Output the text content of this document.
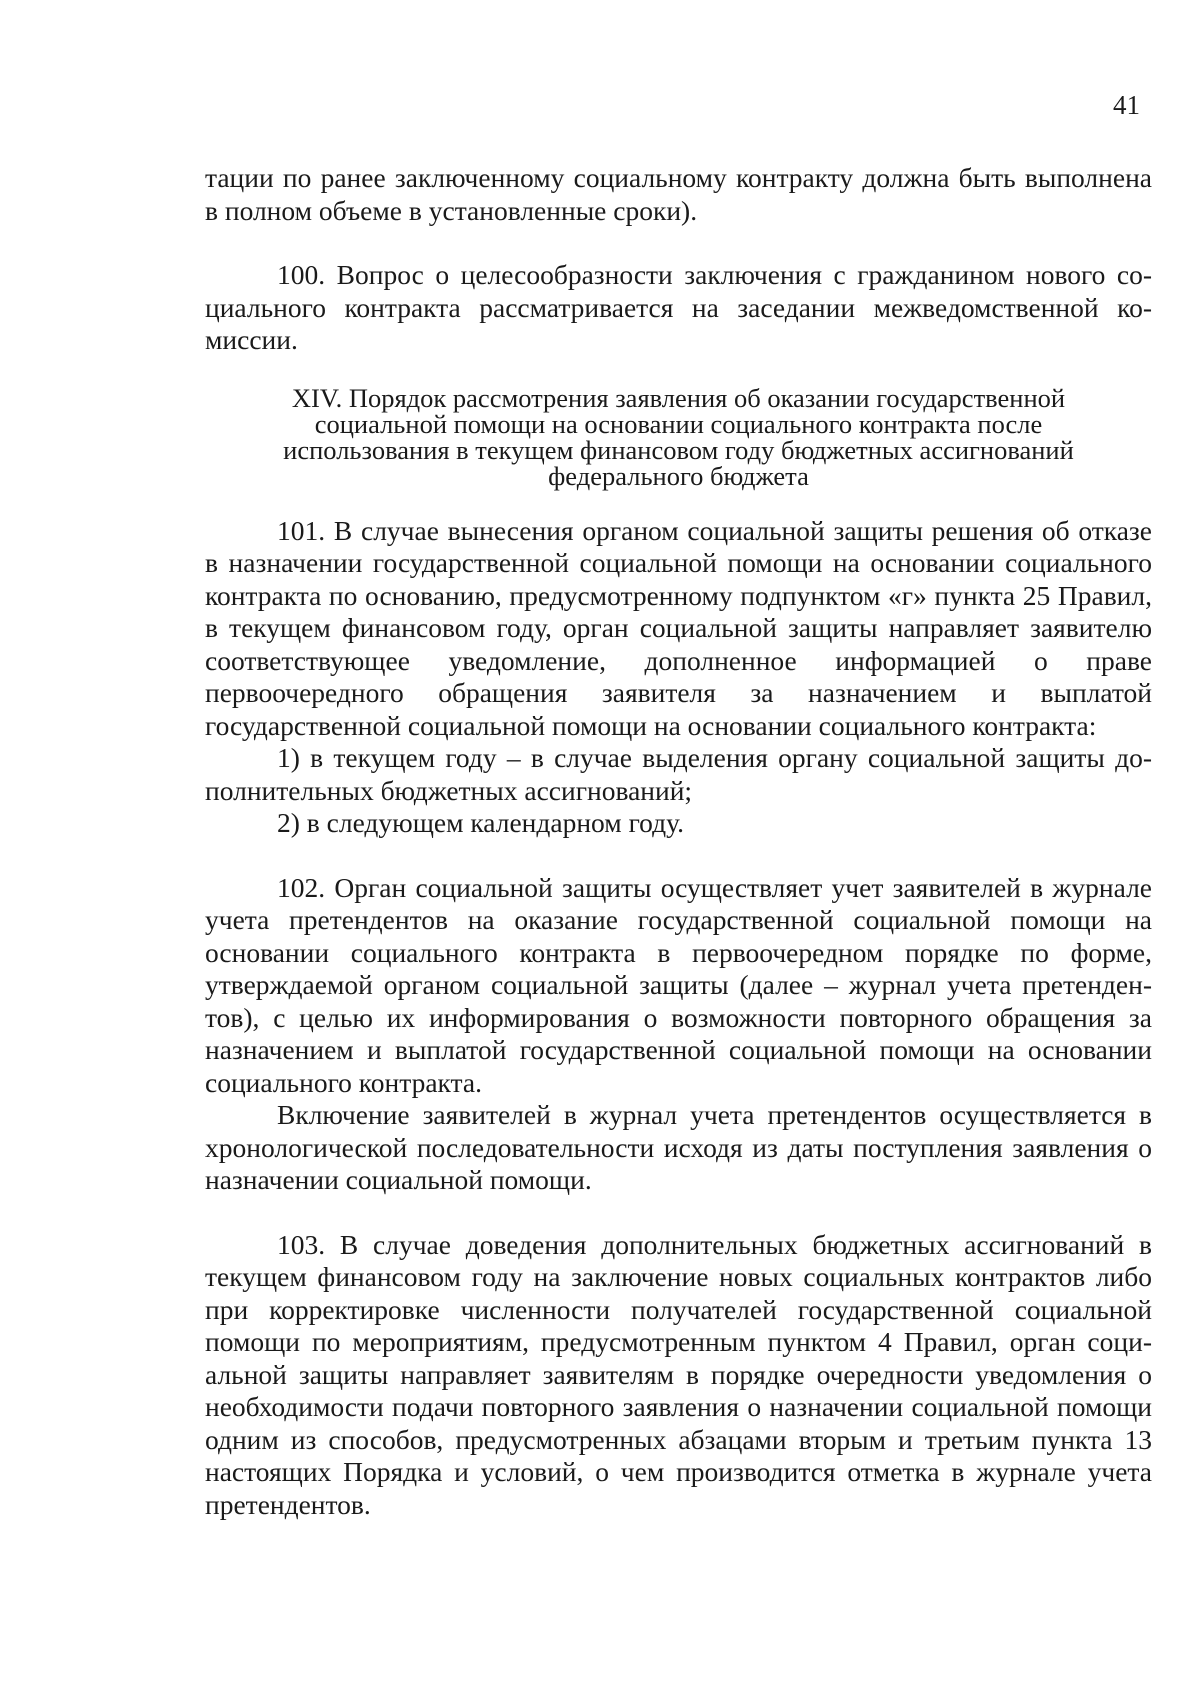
41

тации по ранее заключенному социальному контракту должна быть выполнена в полном объеме в установленные сроки).

100. Вопрос о целесообразности заключения с гражданином нового социального контракта рассматривается на заседании межведомственной комиссии.

XIV. Порядок рассмотрения заявления об оказании государственной
социальной помощи на основании социального контракта после
использования в текущем финансовом году бюджетных ассигнований
федерального бюджета

101. В случае вынесения органом социальной защиты решения об отказе в назначении государственной социальной помощи на основании социального контракта по основанию, предусмотренному подпунктом «г» пункта 25 Правил, в текущем финансовом году, орган социальной защиты направляет заявителю соответствующее уведомление, дополненное информацией о праве первоочередного обращения заявителя за назначением и выплатой государственной социальной помощи на основании социального контракта:

1) в текущем году – в случае выделения органу социальной защиты дополнительных бюджетных ассигнований;

2) в следующем календарном году.

102. Орган социальной защиты осуществляет учет заявителей в журнале учета претендентов на оказание государственной социальной помощи на основании социального контракта в первоочередном порядке по форме, утверждаемой органом социальной защиты (далее – журнал учета претендентов), с целью их информирования о возможности повторного обращения за назначением и выплатой государственной социальной помощи на основании социального контракта.

Включение заявителей в журнал учета претендентов осуществляется в хронологической последовательности исходя из даты поступления заявления о назначении социальной помощи.

103. В случае доведения дополнительных бюджетных ассигнований в текущем финансовом году на заключение новых социальных контрактов либо при корректировке численности получателей государственной социальной помощи по мероприятиям, предусмотренным пунктом 4 Правил, орган социальной защиты направляет заявителям в порядке очередности уведомления о необходимости подачи повторного заявления о назначении социальной помощи одним из способов, предусмотренных абзацами вторым и третьим пункта 13 настоящих Порядка и условий, о чем производится отметка в журнале учета претендентов.
